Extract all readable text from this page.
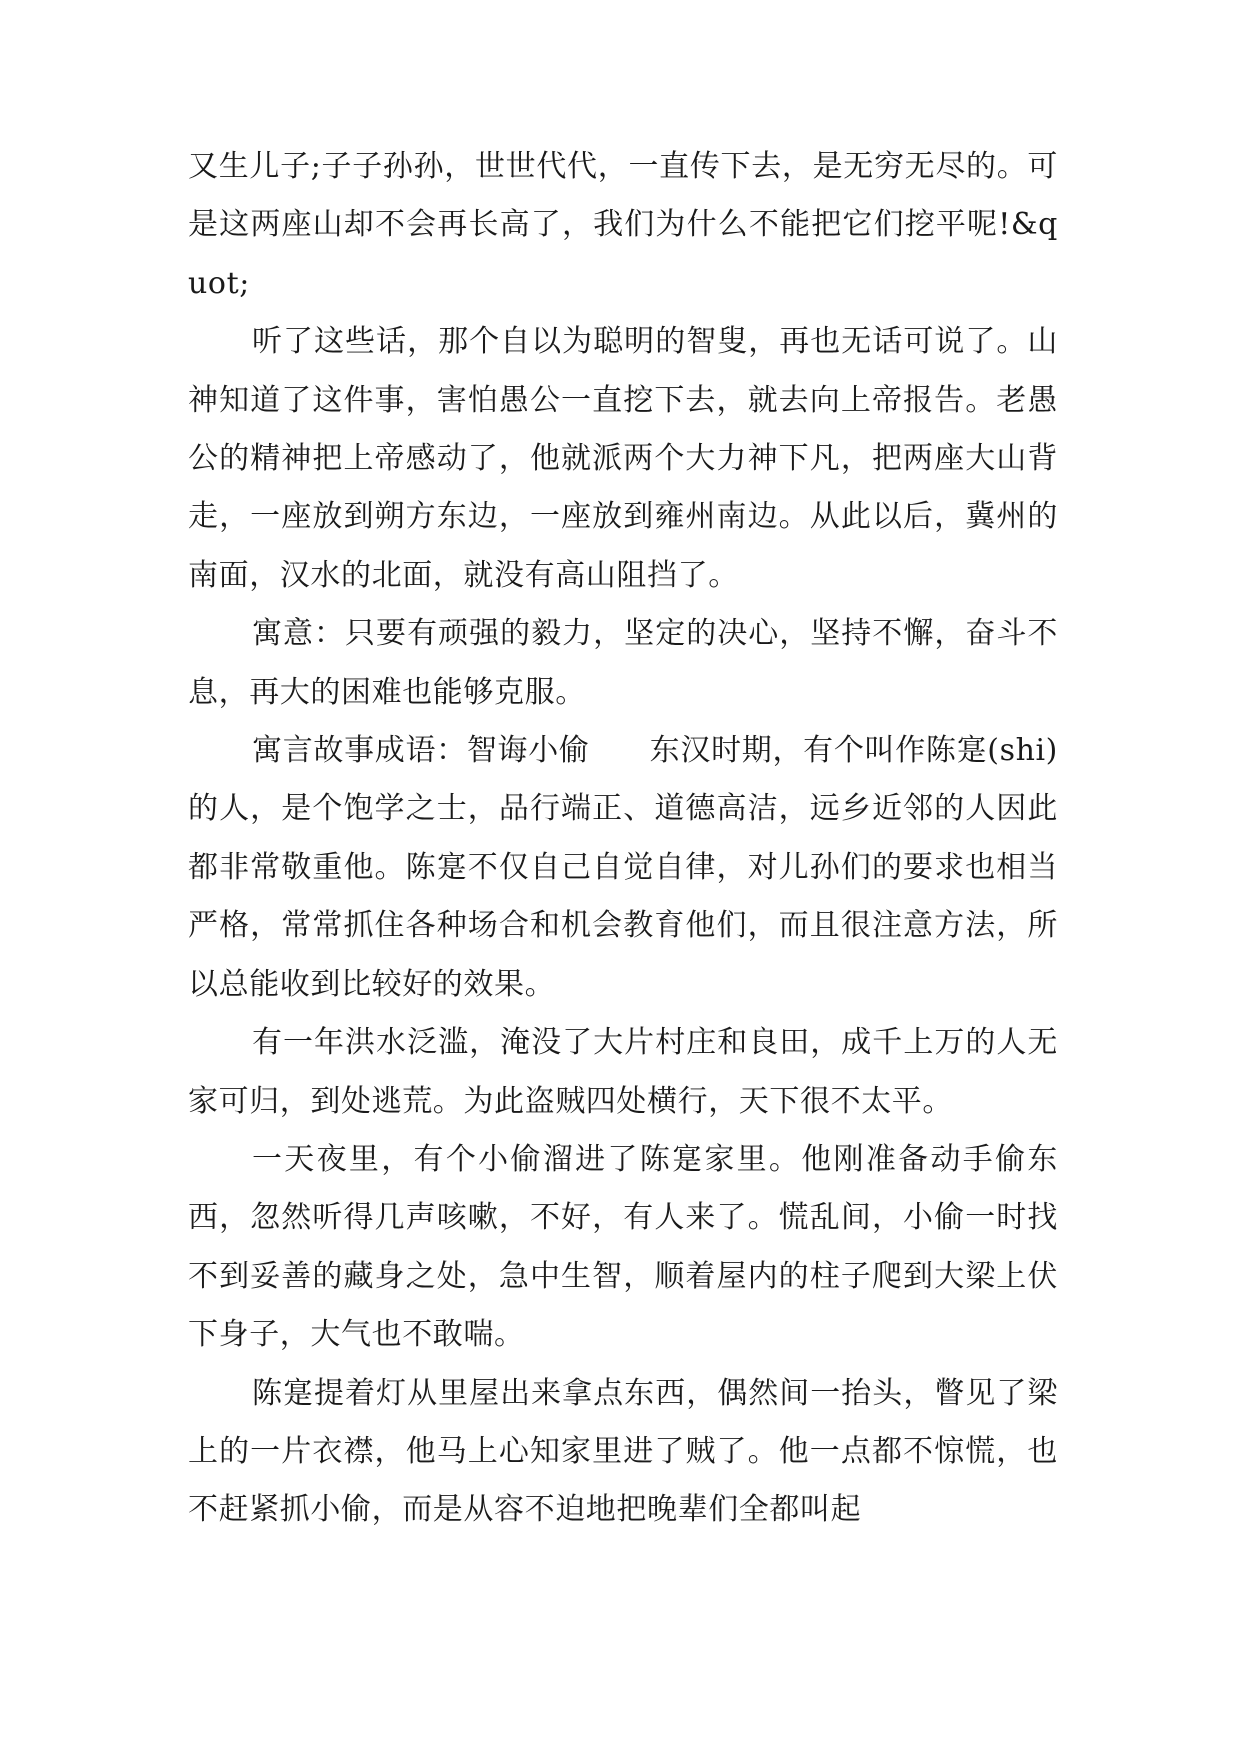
又生儿子;子子孙孙，世世代代，一直传下去，是无穷无尽的。可是这两座山却不会再长高了，我们为什么不能把它们挖平呢!&quot;

听了这些话，那个自以为聪明的智叟，再也无话可说了。山神知道了这件事，害怕愚公一直挖下去，就去向上帝报告。老愚公的精神把上帝感动了，他就派两个大力神下凡，把两座大山背走，一座放到朔方东边，一座放到雍州南边。从此以后，冀州的南面，汉水的北面，就没有高山阻挡了。

寓意：只要有顽强的毅力，坚定的决心，坚持不懈，奋斗不息，再大的困难也能够克服。

寓言故事成语：智诲小偷 东汉时期，有个叫作陈寔(shi)的人，是个饱学之士，品行端正、道德高洁，远乡近邻的人因此都非常敬重他。陈寔不仅自己自觉自律，对儿孙们的要求也相当严格，常常抓住各种场合和机会教育他们，而且很注意方法，所以总能收到比较好的效果。

有一年洪水泛滥，淹没了大片村庄和良田，成千上万的人无家可归，到处逃荒。为此盗贼四处横行，天下很不太平。

一天夜里，有个小偷溜进了陈寔家里。他刚准备动手偷东西，忽然听得几声咳嗽，不好，有人来了。慌乱间，小偷一时找不到妥善的藏身之处，急中生智，顺着屋内的柱子爬到大梁上伏下身子，大气也不敢喘。

陈寔提着灯从里屋出来拿点东西，偶然间一抬头，瞥见了梁上的一片衣襟，他马上心知家里进了贼了。他一点都不惊慌，也不赶紧抓小偷，而是从容不迫地把晚辈们全都叫起
